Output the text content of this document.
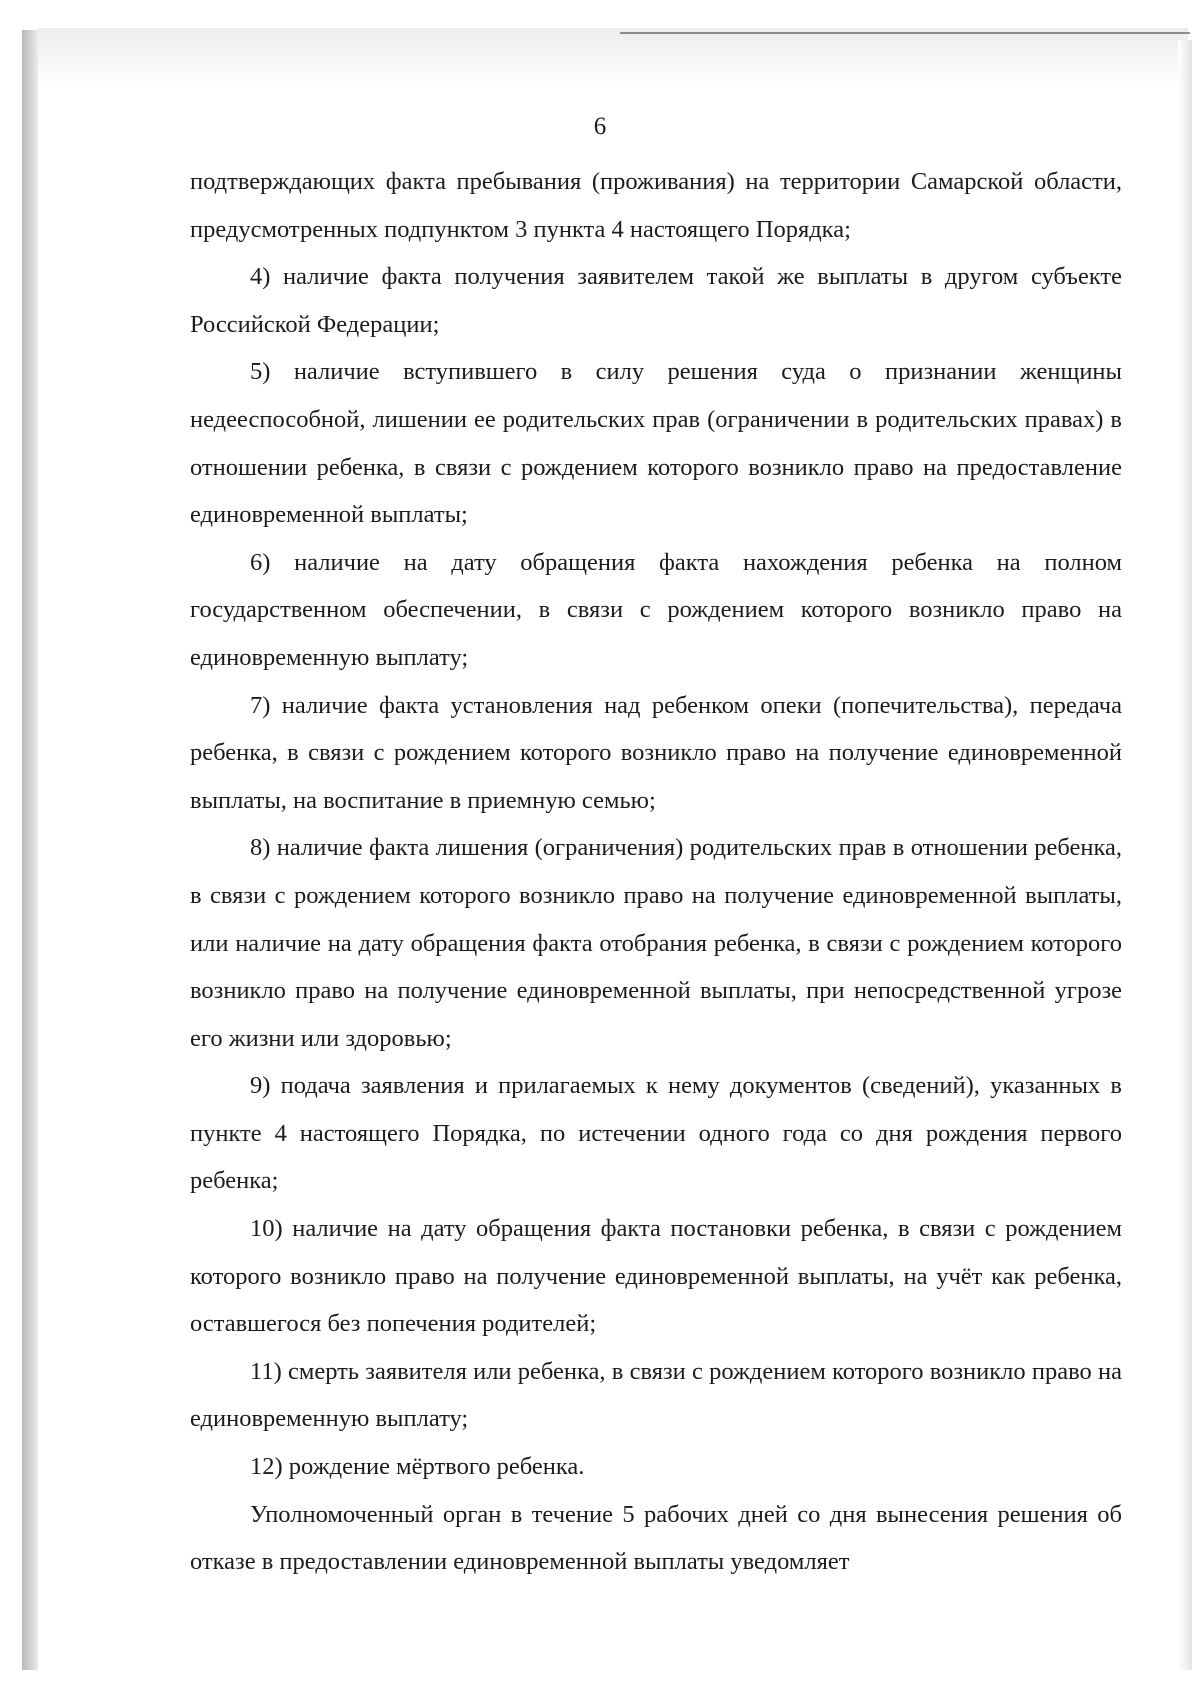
6

подтверждающих факта пребывания (проживания) на территории Самарской области, предусмотренных подпунктом 3 пункта 4 настоящего Порядка;

4) наличие факта получения заявителем такой же выплаты в другом субъекте Российской Федерации;

5) наличие вступившего в силу решения суда о признании женщины недееспособной, лишении ее родительских прав (ограничении в родительских правах) в отношении ребенка, в связи с рождением которого возникло право на предоставление единовременной выплаты;

6) наличие на дату обращения факта нахождения ребенка на полном государственном обеспечении, в связи с рождением которого возникло право на единовременную выплату;

7) наличие факта установления над ребенком опеки (попечительства), передача ребенка, в связи с рождением которого возникло право на получение единовременной выплаты, на воспитание в приемную семью;

8) наличие факта лишения (ограничения) родительских прав в отношении ребенка, в связи с рождением которого возникло право на получение единовременной выплаты, или наличие на дату обращения факта отобрания ребенка, в связи с рождением которого возникло право на получение единовременной выплаты, при непосредственной угрозе его жизни или здоровью;

9) подача заявления и прилагаемых к нему документов (сведений), указанных в пункте 4 настоящего Порядка, по истечении одного года со дня рождения первого ребенка;

10) наличие на дату обращения факта постановки ребенка, в связи с рождением которого возникло право на получение единовременной выплаты, на учёт как ребенка, оставшегося без попечения родителей;

11) смерть заявителя или ребенка, в связи с рождением которого возникло право на единовременную выплату;

12) рождение мёртвого ребенка.

Уполномоченный орган в течение 5 рабочих дней со дня вынесения решения об отказе в предоставлении единовременной выплаты уведомляет
